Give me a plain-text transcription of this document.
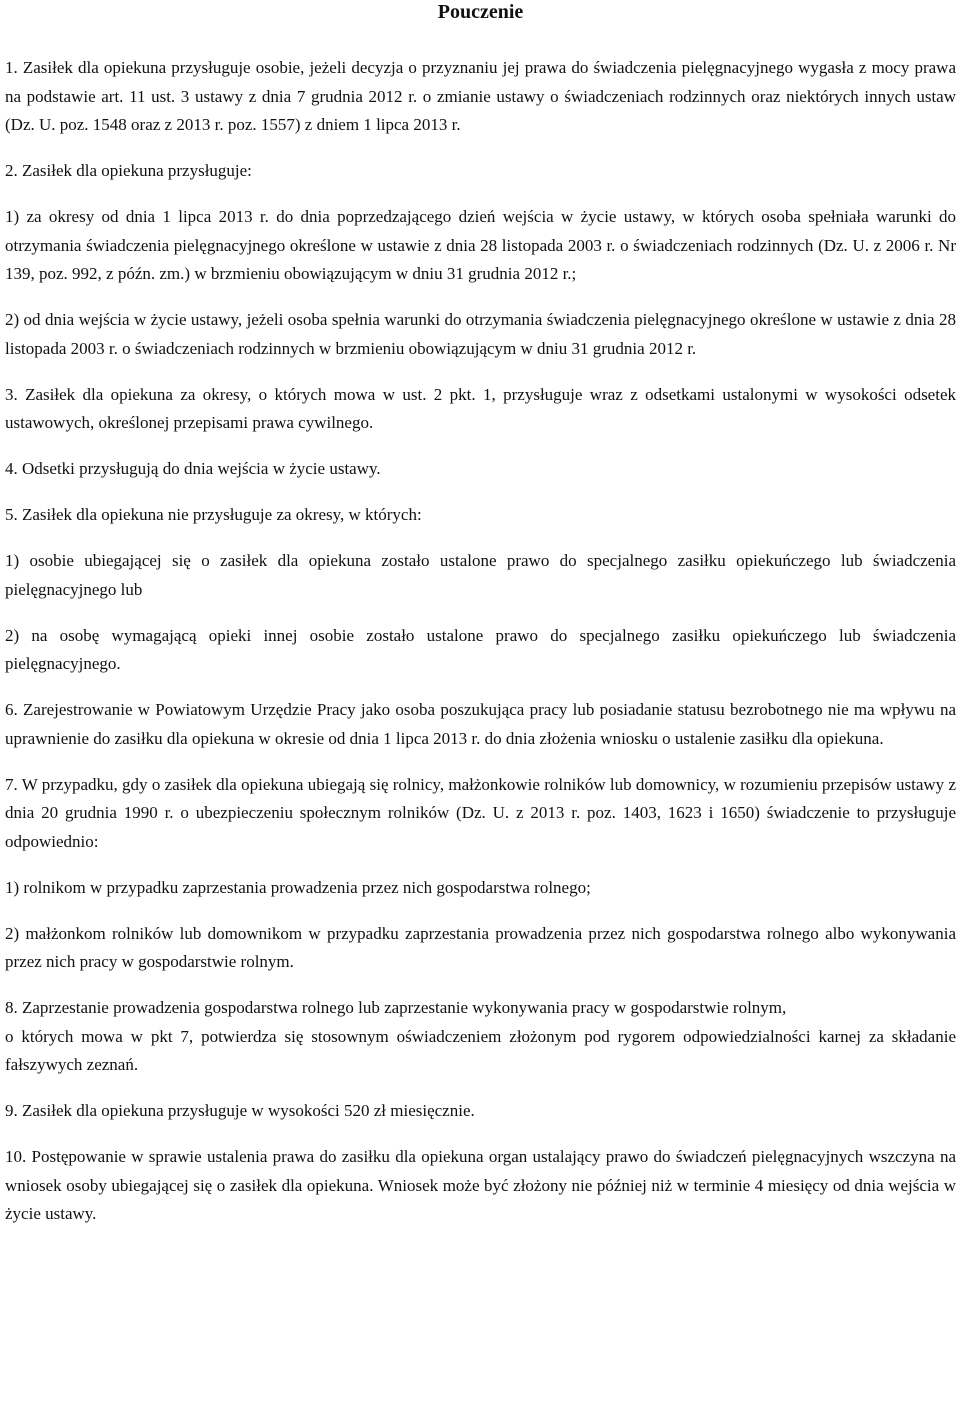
Pouczenie

1. Zasiłek dla opiekuna przysługuje osobie, jeżeli decyzja o przyznaniu jej prawa do świadczenia pielęgnacyjnego wygasła z mocy prawa na podstawie art. 11 ust. 3 ustawy z dnia 7 grudnia 2012 r. o zmianie ustawy o świadczeniach rodzinnych oraz niektórych innych ustaw (Dz. U. poz. 1548 oraz z 2013 r. poz. 1557) z dniem 1 lipca 2013 r.

2. Zasiłek dla opiekuna przysługuje:

1) za okresy od dnia 1 lipca 2013 r. do dnia poprzedzającego dzień wejścia w życie ustawy, w których osoba spełniała warunki do otrzymania świadczenia pielęgnacyjnego określone w ustawie z dnia 28 listopada 2003 r. o świadczeniach rodzinnych (Dz. U. z 2006 r. Nr 139, poz. 992, z późn. zm.) w brzmieniu obowiązującym w dniu 31 grudnia 2012 r.;

2) od dnia wejścia w życie ustawy, jeżeli osoba spełnia warunki do otrzymania świadczenia pielęgnacyjnego określone w ustawie z dnia 28 listopada 2003 r. o świadczeniach rodzinnych w brzmieniu obowiązującym w dniu 31 grudnia 2012 r.

3. Zasiłek dla opiekuna za okresy, o których mowa w ust. 2 pkt. 1, przysługuje wraz z odsetkami ustalonymi w wysokości odsetek ustawowych, określonej przepisami prawa cywilnego.

4. Odsetki przysługują do dnia wejścia w życie ustawy.

5. Zasiłek dla opiekuna nie przysługuje za okresy, w których:

1) osobie ubiegającej się o zasiłek dla opiekuna zostało ustalone prawo do specjalnego zasiłku opiekuńczego lub świadczenia pielęgnacyjnego lub

2) na osobę wymagającą opieki innej osobie zostało ustalone prawo do specjalnego zasiłku opiekuńczego lub świadczenia pielęgnacyjnego.

6. Zarejestrowanie w Powiatowym Urzędzie Pracy jako osoba poszukująca pracy lub posiadanie statusu bezrobotnego nie ma wpływu na uprawnienie do zasiłku dla opiekuna w okresie od dnia 1 lipca 2013 r. do dnia złożenia wniosku o ustalenie zasiłku dla opiekuna.

7. W przypadku, gdy o zasiłek dla opiekuna ubiegają się rolnicy, małżonkowie rolników lub domownicy, w rozumieniu przepisów ustawy z dnia 20 grudnia 1990 r. o ubezpieczeniu społecznym rolników (Dz. U. z 2013 r. poz. 1403, 1623 i 1650) świadczenie to przysługuje odpowiednio:

1) rolnikom w przypadku zaprzestania prowadzenia przez nich gospodarstwa rolnego;

2) małżonkom rolników lub domownikom w przypadku zaprzestania prowadzenia przez nich gospodarstwa rolnego albo wykonywania przez nich pracy w gospodarstwie rolnym.

8. Zaprzestanie prowadzenia gospodarstwa rolnego lub zaprzestanie wykonywania pracy w gospodarstwie rolnym,

o których mowa w pkt 7, potwierdza się stosownym oświadczeniem złożonym pod rygorem odpowiedzialności karnej za składanie fałszywych zeznań.

9. Zasiłek dla opiekuna przysługuje w wysokości 520 zł miesięcznie.

10. Postępowanie w sprawie ustalenia prawa do zasiłku dla opiekuna organ ustalający prawo do świadczeń pielęgnacyjnych wszczyna na wniosek osoby ubiegającej się o zasiłek dla opiekuna. Wniosek może być złożony nie później niż w terminie 4 miesięcy od dnia wejścia w życie ustawy.
